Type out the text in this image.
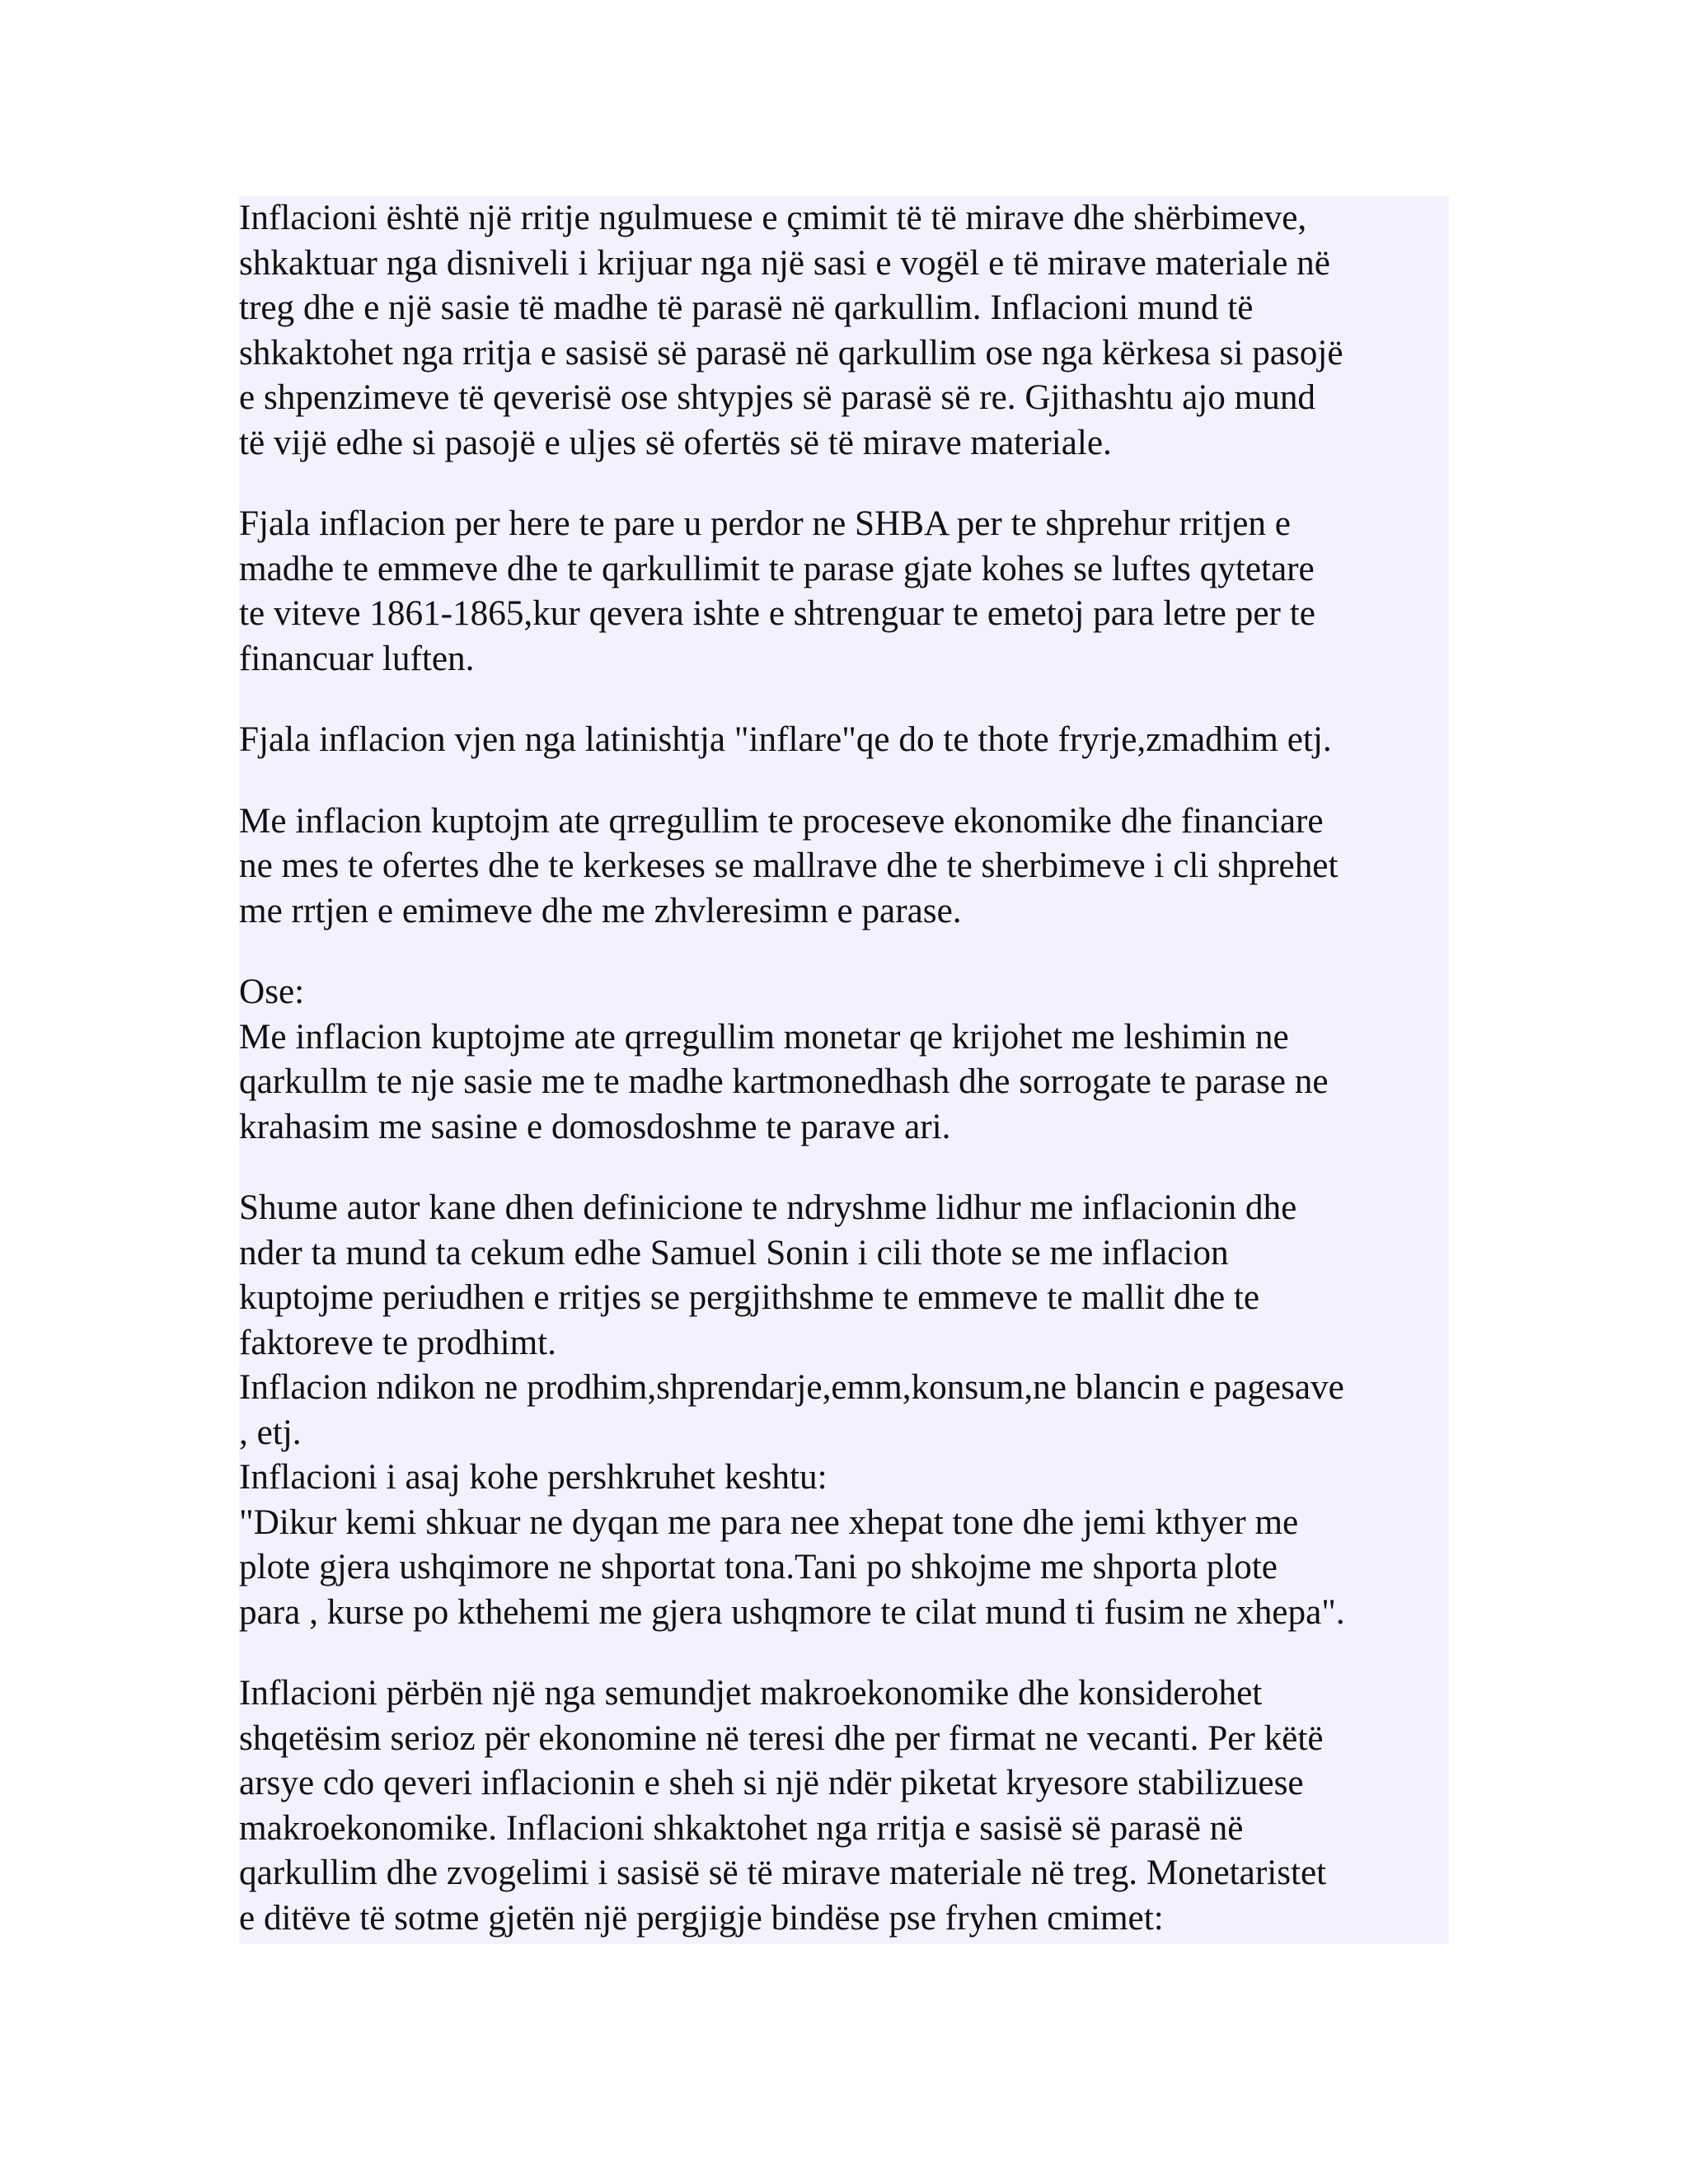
Inflacioni është një rritje ngulmuese e çmimit të të mirave dhe shërbimeve,
shkaktuar nga disniveli i krijuar nga një sasi e vogël e të mirave materiale në
treg dhe e një sasie të madhe të parasë në qarkullim. Inflacioni mund të
shkaktohet nga rritja e sasisë së parasë në qarkullim ose nga kërkesa si pasojë
e shpenzimeve të qeverisë ose shtypjes së parasë së re. Gjithashtu ajo mund
të vijë edhe si pasojë e uljes së ofertës së të mirave materiale.
Fjala inflacion per here te pare u perdor ne SHBA per te shprehur rritjen e
madhe te emmeve dhe te qarkullimit te parase gjate kohes se luftes qytetare
te viteve 1861-1865,kur qevera ishte e shtrenguar te emetoj para letre per te
financuar luften.
Fjala inflacion vjen nga latinishtja "inflare"qe do te thote fryrje,zmadhim etj.
Me inflacion kuptojm ate qrregullim te proceseve ekonomike dhe financiare
ne mes te ofertes dhe te kerkeses se mallrave dhe te sherbimeve i cli shprehet
me rrtjen e emimeve dhe me zhvleresimn e parase.
Ose:
Me inflacion kuptojme ate qrregullim monetar qe krijohet me leshimin ne
qarkullm te nje sasie me te madhe kartmonedhash dhe sorrogate te parase ne
krahasim me sasine e domosdoshme te parave ari.
Shume autor kane dhen definicione te ndryshme lidhur me inflacionin dhe
nder ta mund ta cekum edhe Samuel Sonin i cili thote se me inflacion
kuptojme periudhen e rritjes se pergjithshme te emmeve te mallit dhe te
faktoreve te prodhimt.
Inflacion ndikon ne prodhim,shprendarje,emm,konsum,ne blancin e pagesave
, etj.
Inflacioni i asaj kohe pershkruhet keshtu:
"Dikur kemi shkuar ne dyqan me para nee xhepat tone dhe jemi kthyer me
plote gjera ushqimore ne shportat tona.Tani po shkojme me shporta plote
para , kurse po kthehemi me gjera ushqmore te cilat mund ti fusim ne xhepa".
Inflacioni përbën një nga semundjet makroekonomike dhe konsiderohet
shqetësim serioz për ekonomine në teresi dhe per firmat ne vecanti. Per këtë
arsye cdo qeveri inflacionin e sheh si një ndër piketat kryesore stabilizuese
makroekonomike. Inflacioni shkaktohet nga rritja e sasisë së parasë në
qarkullim dhe zvogelimi i sasisë së të mirave materiale në treg. Monetaristet
e ditëve të sotme gjetën një pergjigje bindëse pse fryhen cmimet:
